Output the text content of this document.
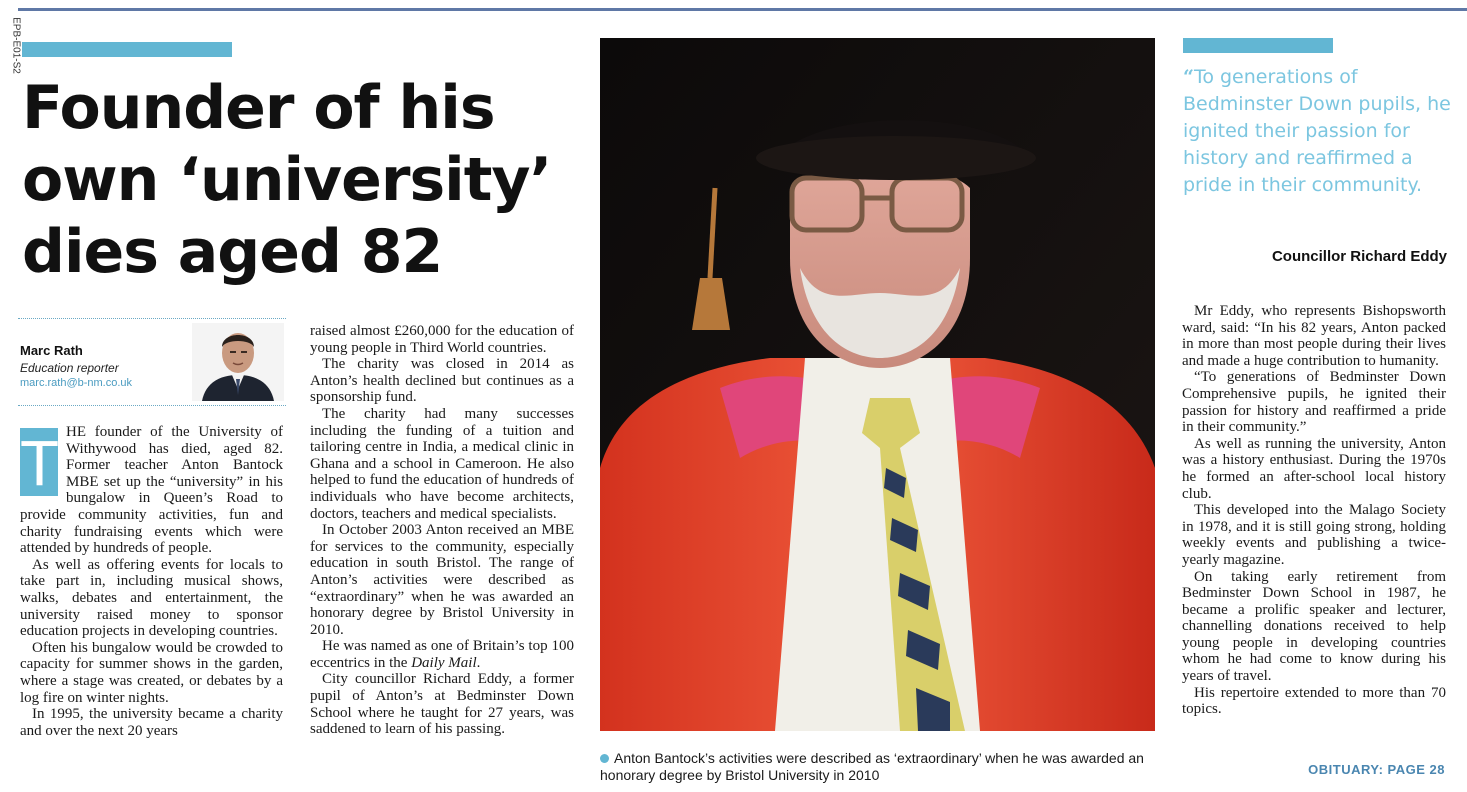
EPB-E01-S2
Founder of his own ‘university’ dies aged 82
Marc Rath
Education reporter
marc.rath@b-nm.co.uk

T HE founder of the University of Withywood has died, aged 82. Former teacher Anton Bantock MBE set up the “university” in his bungalow in Queen’s Road to provide community activities, fun and charity fundraising events which were attended by hundreds of people.

As well as offering events for locals to take part in, including musical shows, walks, debates and entertainment, the university raised money to sponsor education projects in developing countries.

Often his bungalow would be crowded to capacity for summer shows in the garden, where a stage was created, or debates by a log fire on winter nights.

In 1995, the university became a charity and over the next 20 years

raised almost £260,000 for the education of young people in Third World countries.

The charity was closed in 2014 as Anton’s health declined but continues as a sponsorship fund.

The charity had many successes including the funding of a tuition and tailoring centre in India, a medical clinic in Ghana and a school in Cameroon. He also helped to fund the education of hundreds of individuals who have become architects, doctors, teachers and medical specialists.

In October 2003 Anton received an MBE for services to the community, especially education in south Bristol. The range of Anton’s activities were described as “extraordinary” when he was awarded an honorary degree by Bristol University in 2010.

He was named as one of Britain’s top 100 eccentrics in the Daily Mail.

City councillor Richard Eddy, a former pupil of Anton’s at Bedminster Down School where he taught for 27 years, was saddened to learn of his passing.

Anton Bantock’s activities were described as ‘extraordinary’ when he was awarded an honorary degree by Bristol University in 2010

“To generations of Bedminster Down pupils, he ignited their passion for history and reaffirmed a pride in their community.

Councillor Richard Eddy

Mr Eddy, who represents Bishopsworth ward, said: “In his 82 years, Anton packed in more than most people during their lives and made a huge contribution to humanity.

“To generations of Bedminster Down Comprehensive pupils, he ignited their passion for history and reaffirmed a pride in their community.”

As well as running the university, Anton was a history enthusiast. During the 1970s he formed an after-school local history club.

This developed into the Malago Society in 1978, and it is still going strong, holding weekly events and publishing a twice-yearly magazine.

On taking early retirement from Bedminster Down School in 1987, he became a prolific speaker and lecturer, channelling donations received to help young people in developing countries whom he had come to know during his years of travel.

His repertoire extended to more than 70 topics.

OBITUARY: PAGE 28
